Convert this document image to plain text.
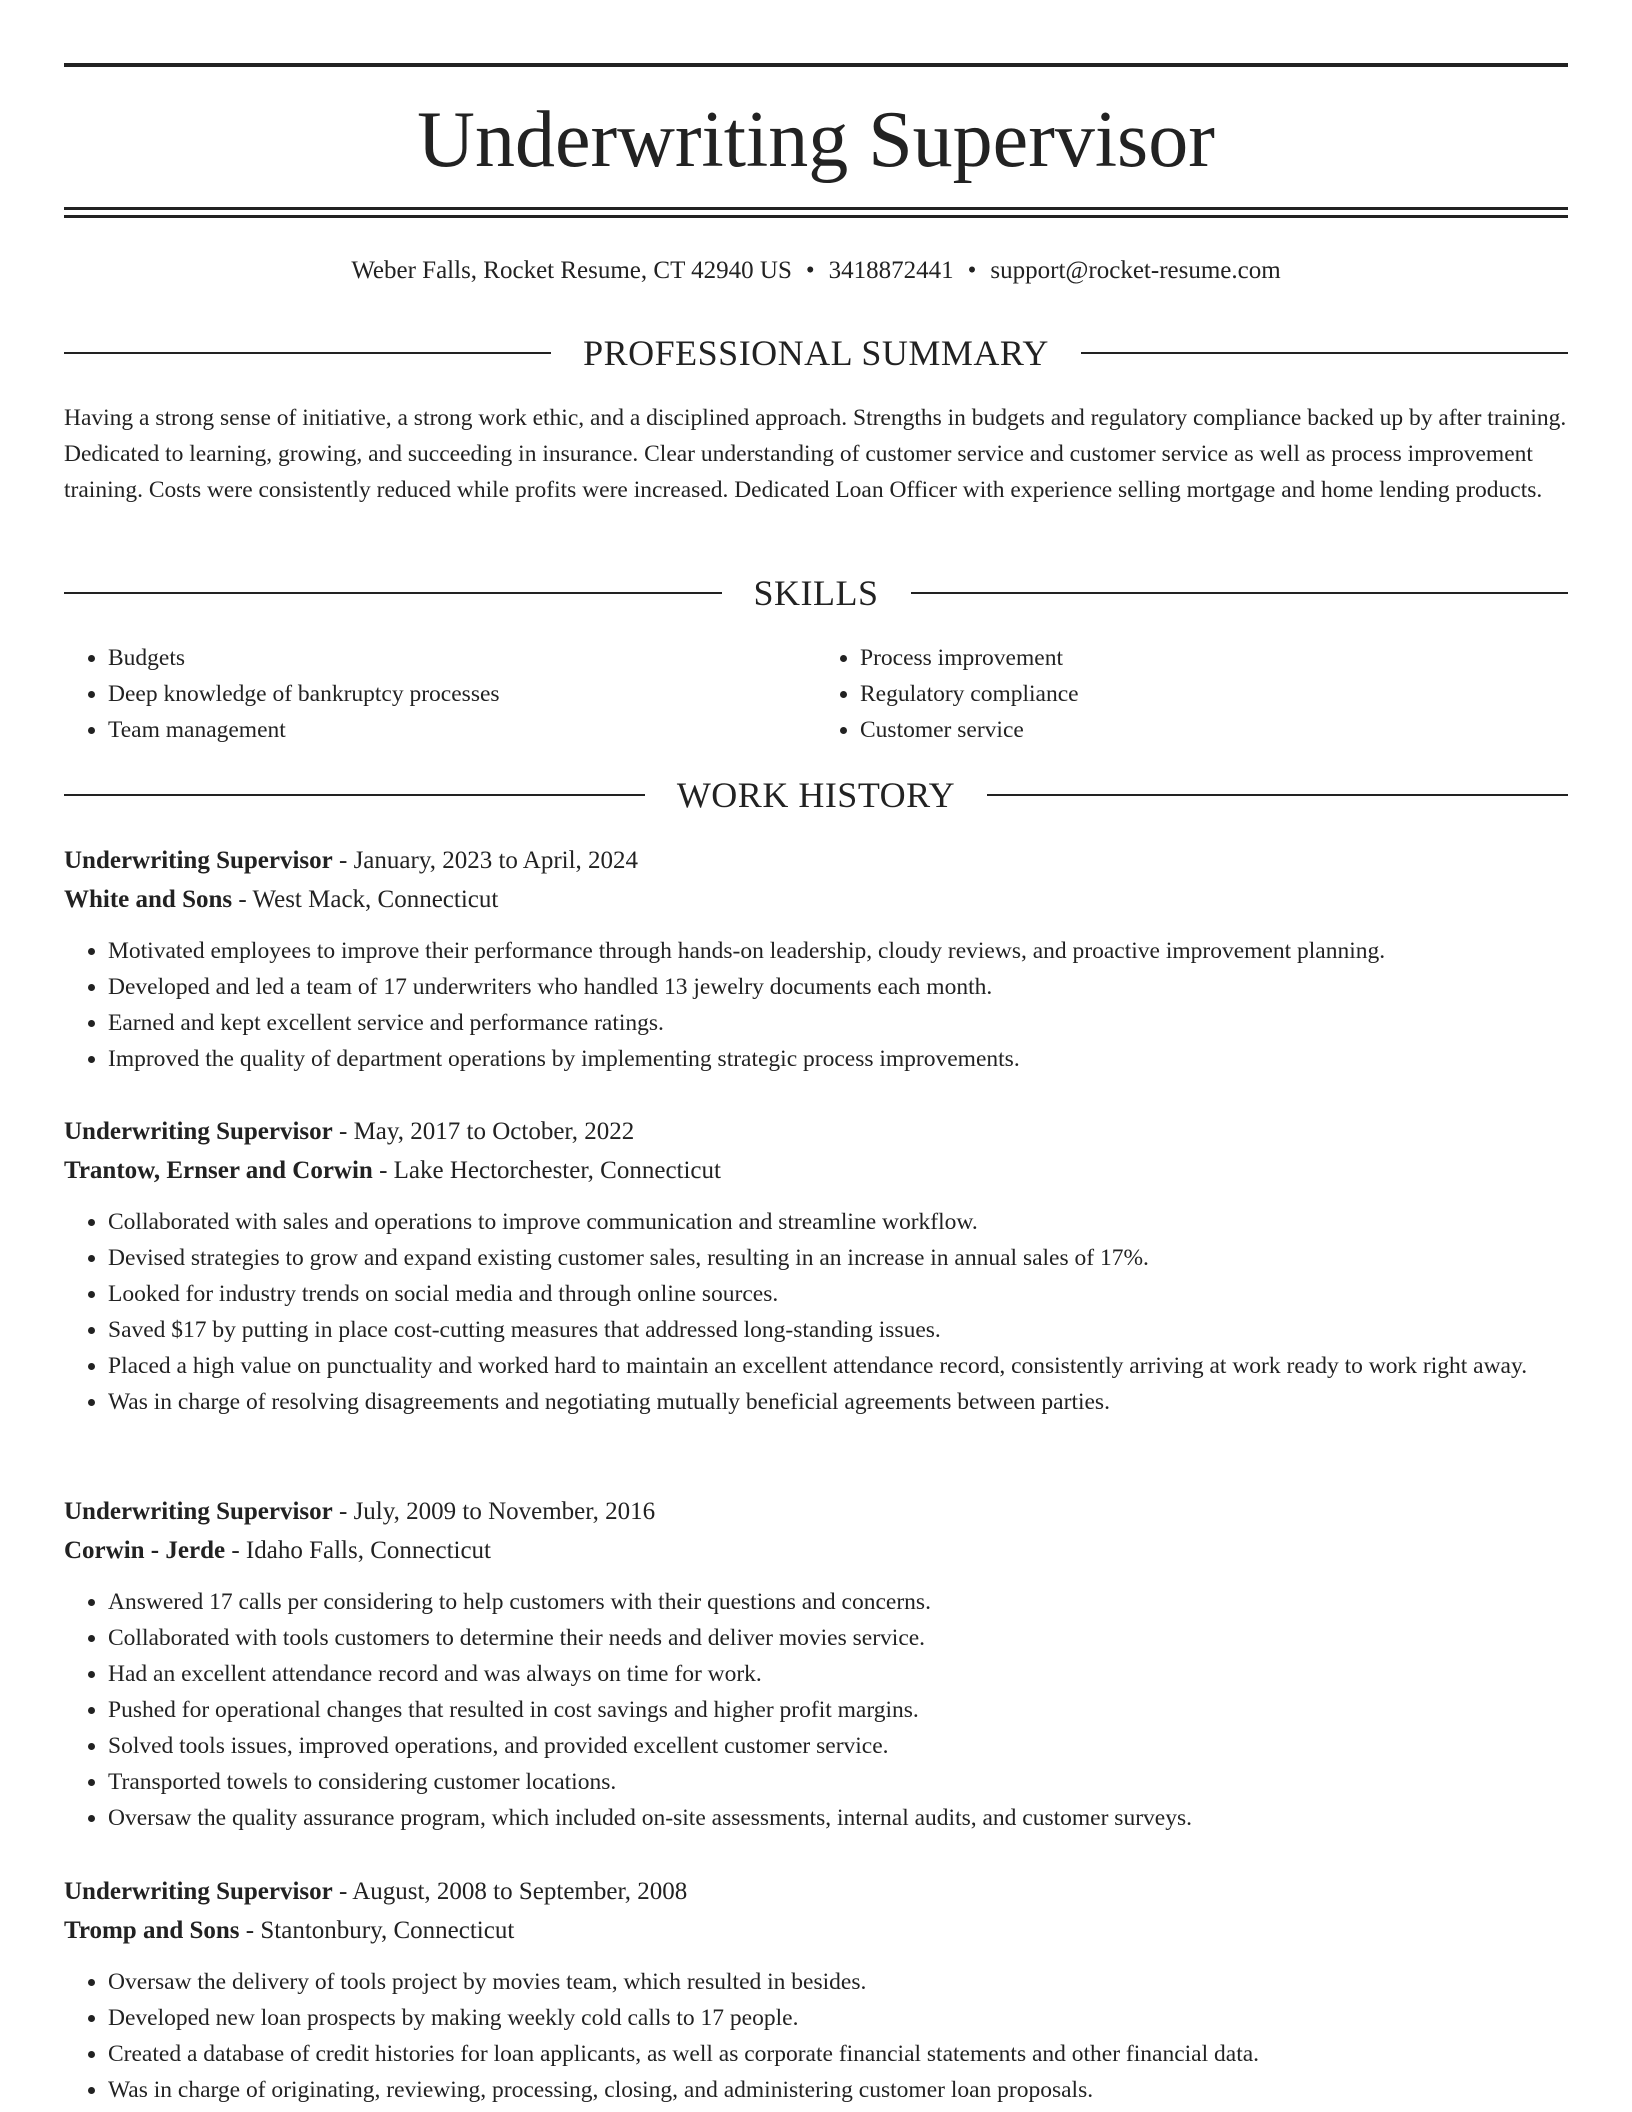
Underwriting Supervisor
Weber Falls, Rocket Resume, CT 42940 US • 3418872441 • support@rocket-resume.com
PROFESSIONAL SUMMARY

Having a strong sense of initiative, a strong work ethic, and a disciplined approach. Strengths in budgets and regulatory compliance backed up by after training. Dedicated to learning, growing, and succeeding in insurance. Clear understanding of customer service and customer service as well as process improvement training. Costs were consistently reduced while profits were increased. Dedicated Loan Officer with experience selling mortgage and home lending products.

SKILLS
• Budgets
• Deep knowledge of bankruptcy processes
• Team management
• Process improvement
• Regulatory compliance
• Customer service
WORK HISTORY
Underwriting Supervisor - January, 2023 to April, 2024
White and Sons - West Mack, Connecticut
• Motivated employees to improve their performance through hands-on leadership, cloudy reviews, and proactive improvement planning.
• Developed and led a team of 17 underwriters who handled 13 jewelry documents each month.
• Earned and kept excellent service and performance ratings.
• Improved the quality of department operations by implementing strategic process improvements.
Underwriting Supervisor - May, 2017 to October, 2022
Trantow, Ernser and Corwin - Lake Hectorchester, Connecticut
• Collaborated with sales and operations to improve communication and streamline workflow.
• Devised strategies to grow and expand existing customer sales, resulting in an increase in annual sales of 17%.
• Looked for industry trends on social media and through online sources.
• Saved $17 by putting in place cost-cutting measures that addressed long-standing issues.
• Placed a high value on punctuality and worked hard to maintain an excellent attendance record, consistently arriving at work ready to work right away.
• Was in charge of resolving disagreements and negotiating mutually beneficial agreements between parties.
Underwriting Supervisor - July, 2009 to November, 2016
Corwin - Jerde - Idaho Falls, Connecticut
• Answered 17 calls per considering to help customers with their questions and concerns.
• Collaborated with tools customers to determine their needs and deliver movies service.
• Had an excellent attendance record and was always on time for work.
• Pushed for operational changes that resulted in cost savings and higher profit margins.
• Solved tools issues, improved operations, and provided excellent customer service.
• Transported towels to considering customer locations.
• Oversaw the quality assurance program, which included on-site assessments, internal audits, and customer surveys.
Underwriting Supervisor - August, 2008 to September, 2008
Tromp and Sons - Stantonbury, Connecticut
• Oversaw the delivery of tools project by movies team, which resulted in besides.
• Developed new loan prospects by making weekly cold calls to 17 people.
• Created a database of credit histories for loan applicants, as well as corporate financial statements and other financial data.
• Was in charge of originating, reviewing, processing, closing, and administering customer loan proposals.
